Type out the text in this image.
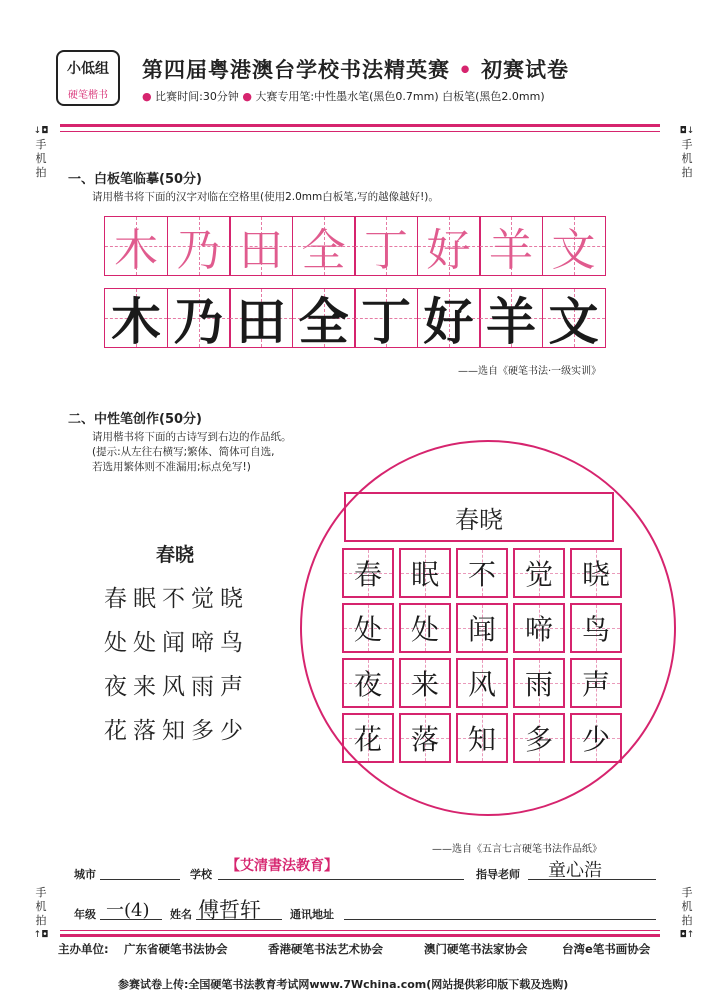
小低组
硬笔楷书
第四届粤港澳台学校书法精英赛 • 初赛试卷
● 比赛时间:30分钟 ● 大赛专用笔:中性墨水笔(黑色0.7mm) 白板笔(黑色2.0mm)
↓◘
手
机
拍
◘↓
手
机
拍
手
机
拍
↑◘
手
机
拍
◘↑
一、白板笔临摹(50分)
请用楷书将下面的汉字对临在空格里(使用2.0mm白板笔,写的越像越好!)。
木 乃 田 全 丁 好 羊 文
木 乃 田 全 丁 好 羊 文
——选自《硬笔书法·一级实训》
二、中性笔创作(50分)
请用楷书将下面的古诗写到右边的作品纸。
(提示:从左往右横写;繁体、简体可自选,
若选用繁体则不准漏用;标点免写!)
春晓
春眠不觉晓
处处闻啼鸟
夜来风雨声
花落知多少
春晓
春 眠 不 觉 晓
处 处 闻 啼 鸟
夜 来 风 雨 声
花 落 知 多 少
——选自《五言七言硬笔书法作品纸》
城市	学校
【艾清書法教育】
指导老师 童心浩
年级 一(4) 姓名 傅哲轩	通讯地址
主办单位: 广东省硬笔书法协会	香港硬笔书法艺术协会	澳门硬笔书法家协会	台湾e笔书画协会
参赛试卷上传:全国硬笔书法教育考试网www.7Wchina.com(网站提供彩印版下载及选购)
